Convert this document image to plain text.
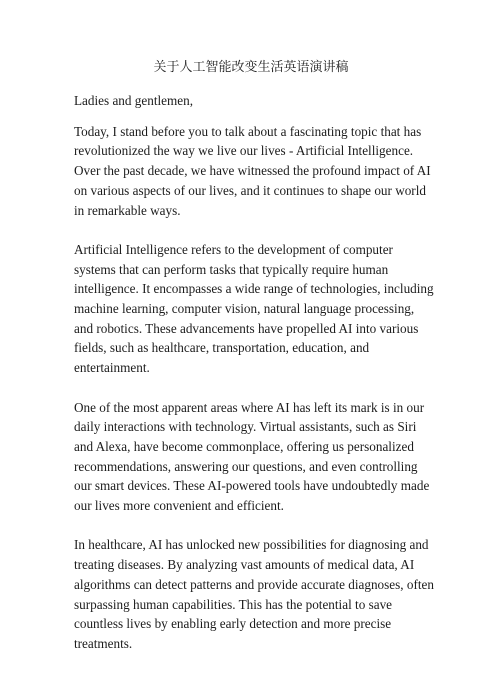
关于人工智能改变生活英语演讲稿

Ladies and gentlemen,

Today, I stand before you to talk about a fascinating topic that has revolutionized the way we live our lives - Artificial Intelligence. Over the past decade, we have witnessed the profound impact of AI on various aspects of our lives, and it continues to shape our world in remarkable ways.

Artificial Intelligence refers to the development of computer systems that can perform tasks that typically require human intelligence. It encompasses a wide range of technologies, including machine learning, computer vision, natural language processing, and robotics. These advancements have propelled AI into various fields, such as healthcare, transportation, education, and entertainment.

One of the most apparent areas where AI has left its mark is in our daily interactions with technology. Virtual assistants, such as Siri and Alexa, have become commonplace, offering us personalized recommendations, answering our questions, and even controlling our smart devices. These AI-powered tools have undoubtedly made our lives more convenient and efficient.

In healthcare, AI has unlocked new possibilities for diagnosing and treating diseases. By analyzing vast amounts of medical data, AI algorithms can detect patterns and provide accurate diagnoses, often surpassing human capabilities. This has the potential to save countless lives by enabling early detection and more precise treatments.
